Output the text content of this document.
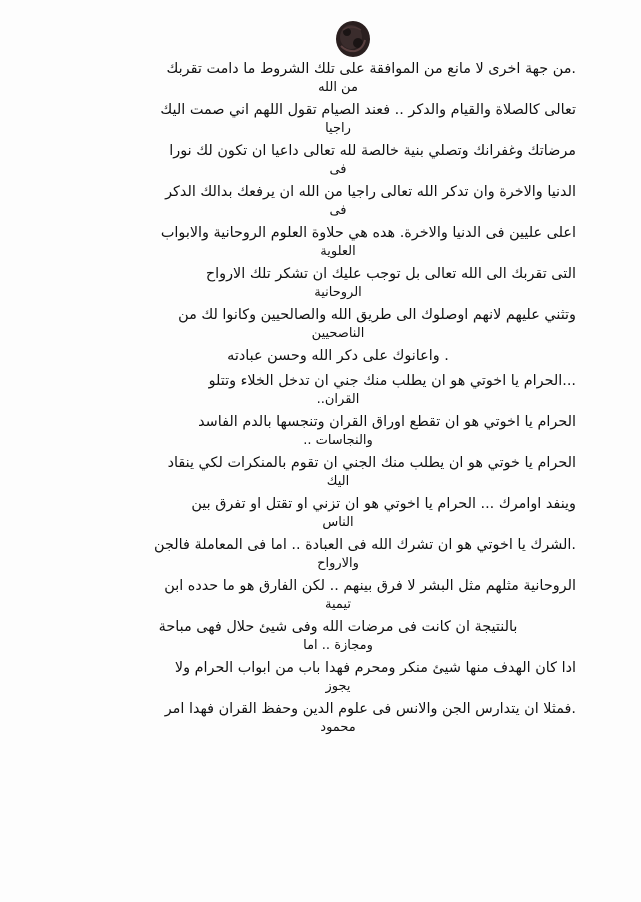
.من جهة اخرى لا مانع من الموافقة على تلك الشروط ما دامت تقربك
من الله
تعالى كالصلاة والقيام والدكر .. فعند الصيام تقول اللهم اني صمت اليك
راجيا
مرضاتك وغفرانك وتصلي بنية خالصة لله تعالى داعيا ان تكون لك نورا
فى
الدنيا والاخرة وان تدكر الله تعالى راجيا من الله ان يرفعك بدالك الدكر
فى
اعلى عليين فى الدنيا والاخرة. هده هي حلاوة العلوم الروحانية والابواب
العلوية
التى تقربك الى الله تعالى بل توجب عليك ان تشكر تلك الارواح
الروحانية
وتثني عليهم لانهم اوصلوك الى طريق الله والصالحيين وكانوا لك من
الناصحيين
. واعانوك على دكر الله وحسن عبادته
...الحرام يا اخوتي هو ان يطلب منك جني ان تدخل الخلاء وتتلو
القران..
الحرام يا اخوتي هو ان تقطع اوراق القران وتنجسها بالدم الفاسد
والنجاسات ..
الحرام يا خوتي هو ان يطلب منك الجني ان تقوم بالمنكرات لكي ينقاد
اليك
وينفد اوامرك ... الحرام يا اخوتي هو ان تزني او تقتل او تفرق بين
الناس
.الشرك يا اخوتي هو ان تشرك الله فى العبادة .. اما فى المعاملة فالجن
والارواح
الروحانية مثلهم مثل البشر لا فرق بينهم .. لكن الفارق هو ما حدده ابن
تيمية
بالنتيجة ان كانت فى مرضات الله وفى شيئ حلال فهى مباحة
ومجازة .. اما
ادا كان الهدف منها شيئ منكر ومحرم فهدا باب من ابواب الحرام ولا
يجوز
.فمثلا ان يتدارس الجن والانس فى علوم الدين وحفظ القران فهدا امر
محمود
